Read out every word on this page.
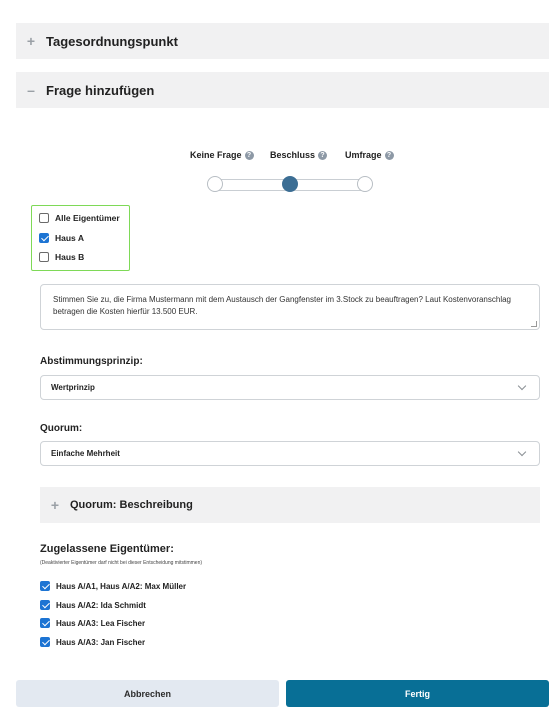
+ Tagesordnungspunkt
– Frage hinzufügen
Keine Frage ? Beschluss ? Umfrage ?
Alle Eigentümer
Haus A
Haus B
Stimmen Sie zu, die Firma Mustermann mit dem Austausch der Gangfenster im 3.Stock zu beauftragen? Laut Kostenvoranschlag betragen die Kosten hierfür 13.500 EUR.
Abstimmungsprinzip:
Wertprinzip
Quorum:
Einfache Mehrheit
+ Quorum: Beschreibung
Zugelassene Eigentümer:
(Deaktivierter Eigentümer darf nicht bei dieser Entscheidung mitstimmen)
Haus A/A1, Haus A/A2: Max Müller
Haus A/A2: Ida Schmidt
Haus A/A3: Lea Fischer
Haus A/A3: Jan Fischer
Abbrechen	Fertig
